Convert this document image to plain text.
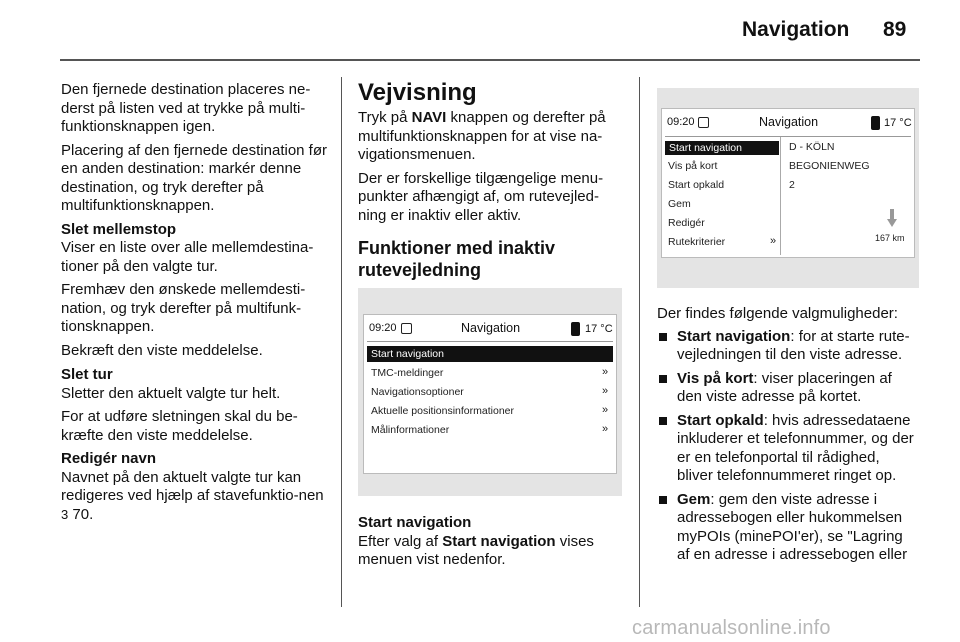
Navigation 89

Den fjernede destination placeres ne-derst på listen ved at trykke på multi-funktionsknappen igen.

Placering af den fjernede destination før en anden destination: markér denne destination, og tryk derefter på multifunktionsknappen.

Slet mellemstop

Viser en liste over alle mellemdestina-tioner på den valgte tur.

Fremhæv den ønskede mellemdesti-nation, og tryk derefter på multifunk-tionsknappen.

Bekræft den viste meddelelse.

Slet tur

Sletter den aktuelt valgte tur helt.

For at udføre sletningen skal du be-kræfte den viste meddelelse.

Redigér navn

Navnet på den aktuelt valgte tur kan redigeres ved hjælp af stavefunktio-nen 3 70.

Vejvisning

Tryk på NAVI knappen og derefter på multifunktionsknappen for at vise na-vigationsmenuen.

Der er forskellige tilgængelige menu-punkter afhængigt af, om rutevejled-ning er inaktiv eller aktiv.

Funktioner med inaktiv rutevejledning
09:20	Navigation	17 °C
Start navigation
TMC-meldinger	»
Navigationsoptioner	»
Aktuelle positionsinformationer	»
Målinformationer	»
Start navigation

Efter valg af Start navigation vises menuen vist nedenfor.

09:20	Navigation	17 °C
Start navigation
Vis på kort
Start opkald
Gem
Redigér
Rutekriterier	»
D - KÖLN
BEGONIENWEG
2
167 km

Der findes følgende valgmuligheder:

Start navigation: for at starte rute-vejledningen til den viste adresse.
Vis på kort: viser placeringen af den viste adresse på kortet.
Start opkald: hvis adressedataene inkluderer et telefonnummer, og der er en telefonportal til rådighed, bliver telefonnummeret ringet op.
Gem: gem den viste adresse i adressebogen eller hukommelsen myPOIs (minePOI'er), se "Lagring af en adresse i adressebogen eller
carmanualsonline.info
